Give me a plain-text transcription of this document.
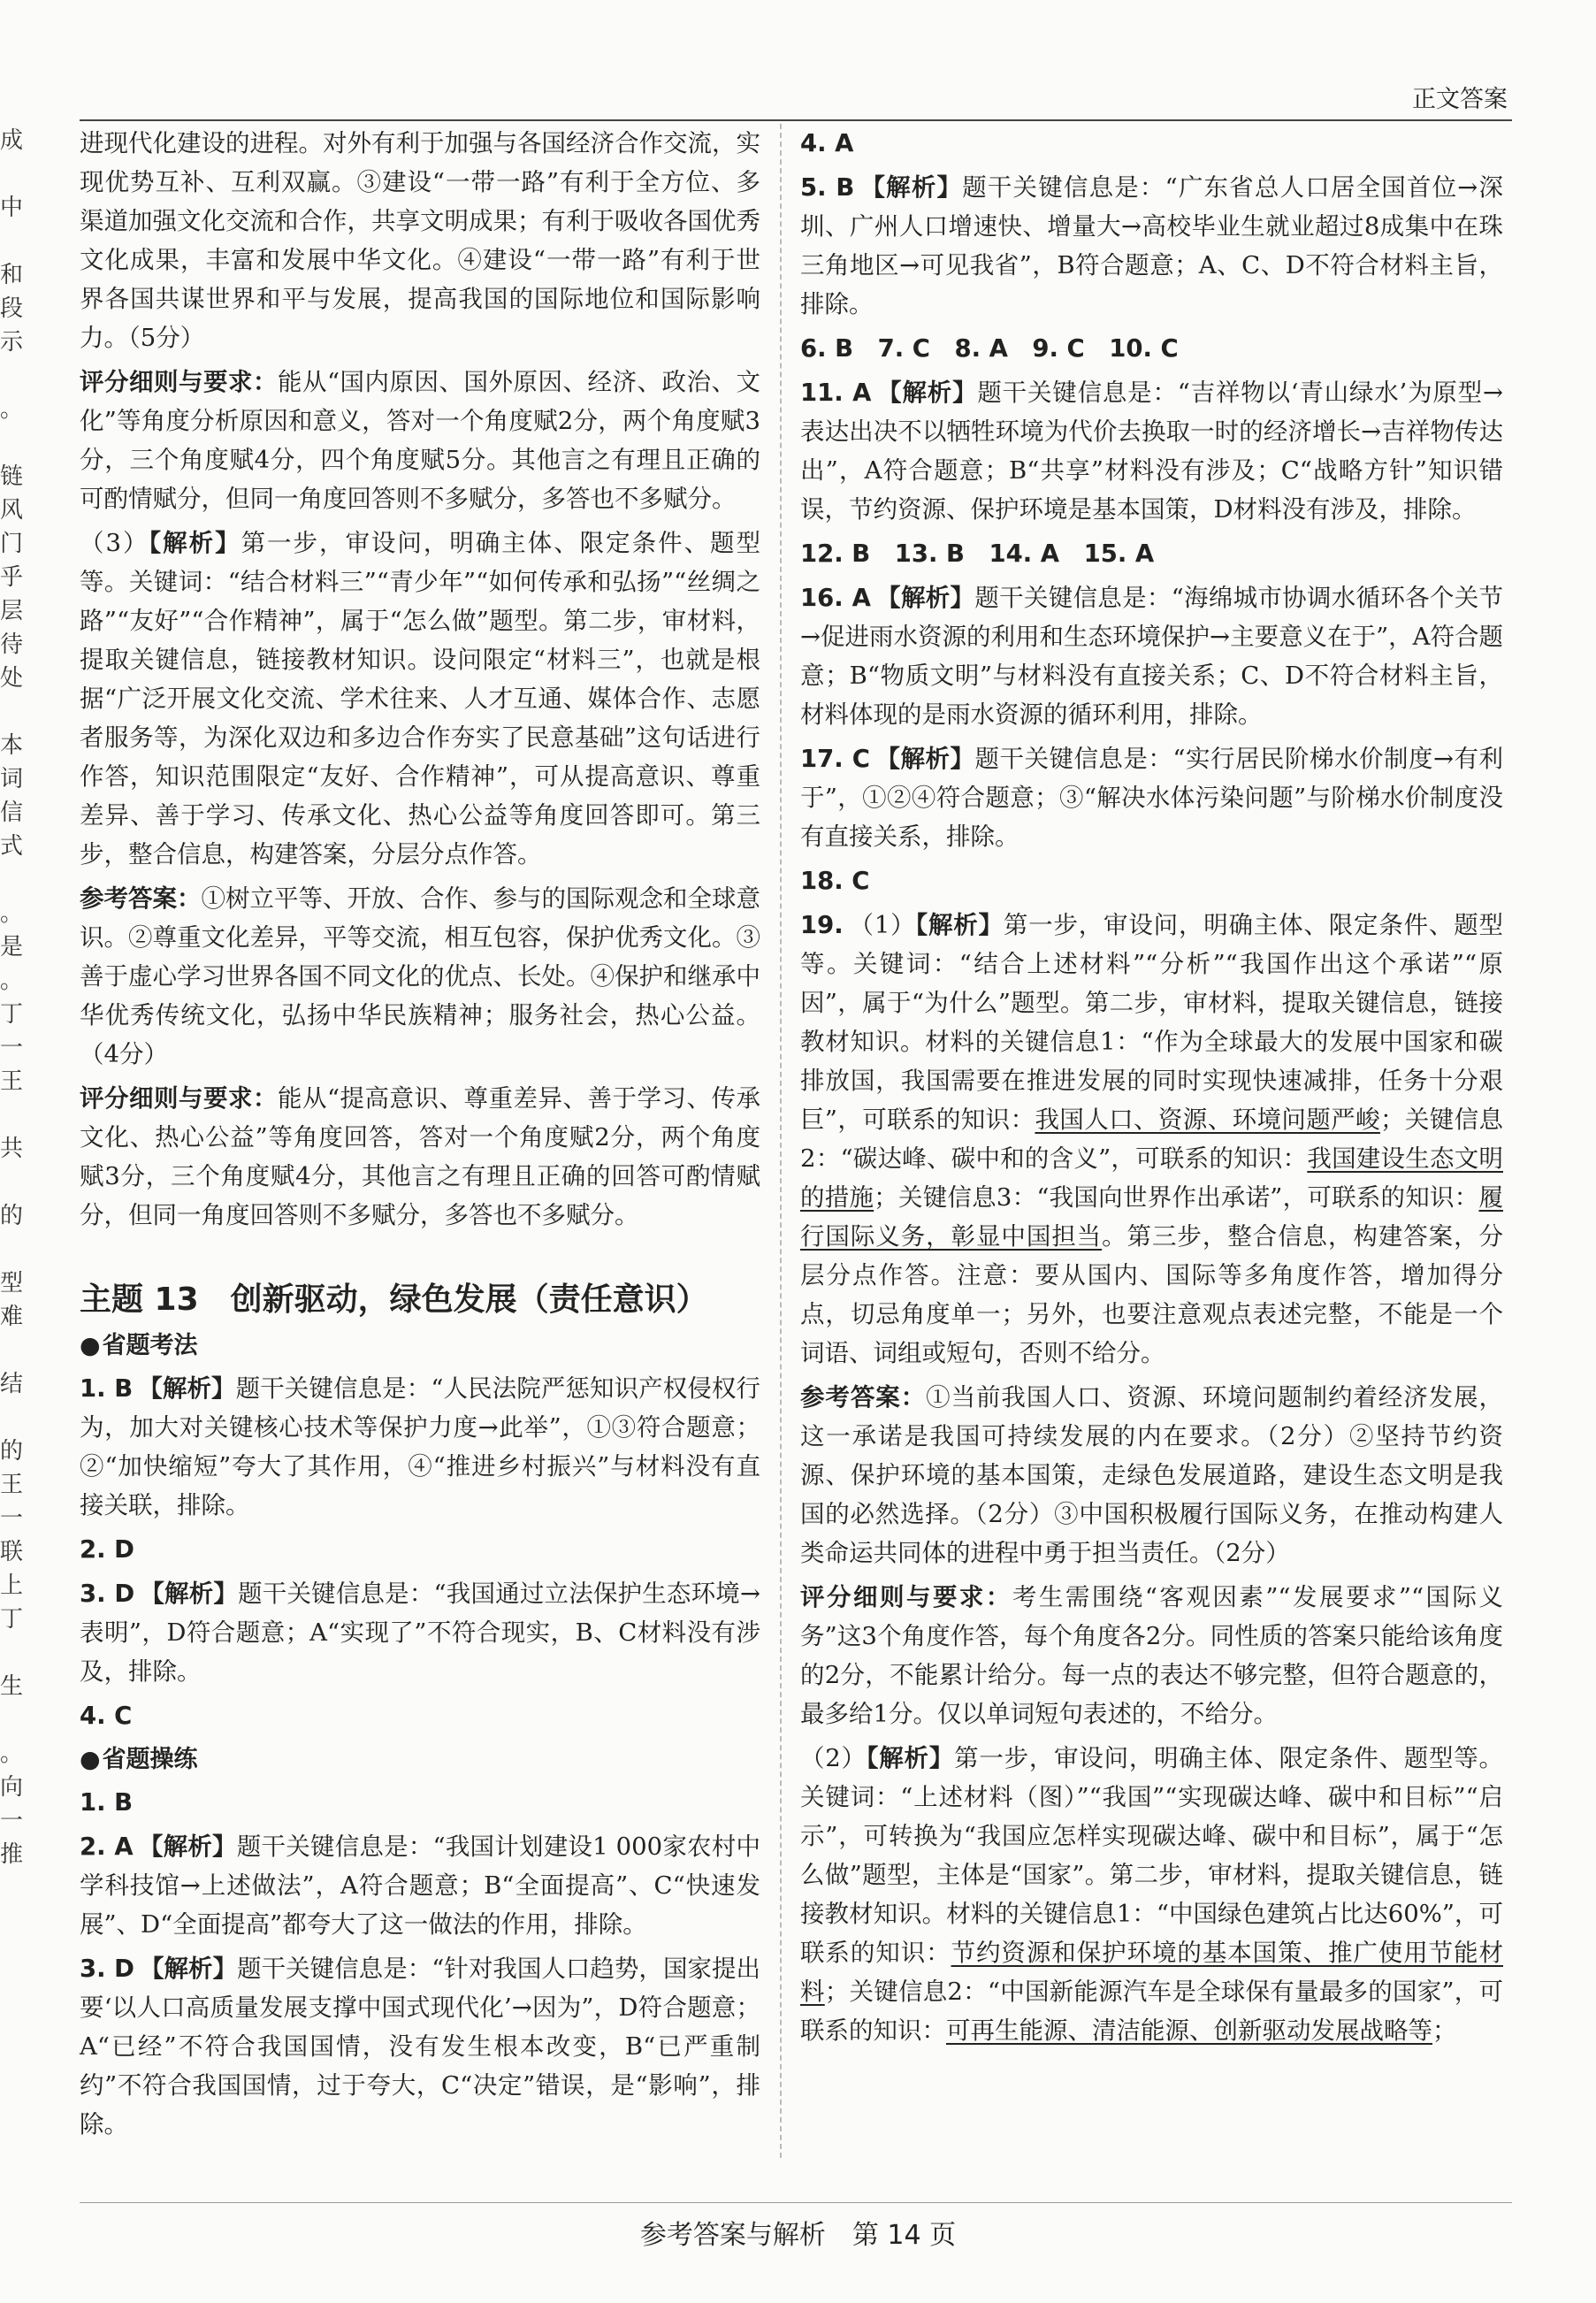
正文答案
成
中
和
段
示
。
链
风
门
乎
层
待
处
本
词
信
式
。
是
。
丁
一
王
共
的
型
难
结
的
王
一
联
上
丁
生
。
向
一
推

进现代化建设的进程。对外有利于加强与各国经济合作交流，实现优势互补、互利双赢。③建设“一带一路”有利于全方位、多渠道加强文化交流和合作，共享文明成果；有利于吸收各国优秀文化成果，丰富和发展中华文化。④建设“一带一路”有利于世界各国共谋世界和平与发展，提高我国的国际地位和国际影响力。（5分）

评分细则与要求：能从“国内原因、国外原因、经济、政治、文化”等角度分析原因和意义，答对一个角度赋2分，两个角度赋3分，三个角度赋4分，四个角度赋5分。其他言之有理且正确的可酌情赋分，但同一角度回答则不多赋分，多答也不多赋分。

（3）【解析】第一步，审设问，明确主体、限定条件、题型等。关键词：“结合材料三”“青少年”“如何传承和弘扬”“丝绸之路”“友好”“合作精神”，属于“怎么做”题型。第二步，审材料，提取关键信息，链接教材知识。设问限定“材料三”，也就是根据“广泛开展文化交流、学术往来、人才互通、媒体合作、志愿者服务等，为深化双边和多边合作夯实了民意基础”这句话进行作答，知识范围限定“友好、合作精神”，可从提高意识、尊重差异、善于学习、传承文化、热心公益等角度回答即可。第三步，整合信息，构建答案，分层分点作答。

参考答案：①树立平等、开放、合作、参与的国际观念和全球意识。②尊重文化差异，平等交流，相互包容，保护优秀文化。③善于虚心学习世界各国不同文化的优点、长处。④保护和继承中华优秀传统文化，弘扬中华民族精神；服务社会，热心公益。（4分）

评分细则与要求：能从“提高意识、尊重差异、善于学习、传承文化、热心公益”等角度回答，答对一个角度赋2分，两个角度赋3分，三个角度赋4分，其他言之有理且正确的回答可酌情赋分，但同一角度回答则不多赋分，多答也不多赋分。

主题 13　创新驱动，绿色发展（责任意识）
● 省题考法

1. B 【解析】题干关键信息是：“人民法院严惩知识产权侵权行为，加大对关键核心技术等保护力度→此举”，①③符合题意；②“加快缩短”夸大了其作用，④“推进乡村振兴”与材料没有直接关联，排除。

2. D

3. D 【解析】题干关键信息是：“我国通过立法保护生态环境→表明”，D符合题意；A“实现了”不符合现实，B、C材料没有涉及，排除。

4. C

● 省题操练

1. B

2. A 【解析】题干关键信息是：“我国计划建设1 000家农村中学科技馆→上述做法”，A符合题意；B“全面提高”、C“快速发展”、D“全面提高”都夸大了这一做法的作用，排除。

3. D 【解析】题干关键信息是：“针对我国人口趋势，国家提出要‘以人口高质量发展支撑中国式现代化’→因为”，D符合题意；A“已经”不符合我国国情，没有发生根本改变，B“已严重制约”不符合我国国情，过于夸大，C“决定”错误，是“影响”，排除。

4. A

5. B 【解析】题干关键信息是：“广东省总人口居全国首位→深圳、广州人口增速快、增量大→高校毕业生就业超过8成集中在珠三角地区→可见我省”，B符合题意；A、C、D不符合材料主旨，排除。

6. B　7. C　8. A　9. C　10. C

11. A 【解析】题干关键信息是：“吉祥物以‘青山绿水’为原型→表达出决不以牺牲环境为代价去换取一时的经济增长→吉祥物传达出”，A符合题意；B“共享”材料没有涉及；C“战略方针”知识错误，节约资源、保护环境是基本国策，D材料没有涉及，排除。

12. B　13. B　14. A　15. A

16. A 【解析】题干关键信息是：“海绵城市协调水循环各个关节→促进雨水资源的利用和生态环境保护→主要意义在于”，A符合题意；B“物质文明”与材料没有直接关系；C、D不符合材料主旨，材料体现的是雨水资源的循环利用，排除。

17. C 【解析】题干关键信息是：“实行居民阶梯水价制度→有利于”，①②④符合题意；③“解决水体污染问题”与阶梯水价制度没有直接关系，排除。

18. C

19. （1）【解析】第一步，审设问，明确主体、限定条件、题型等。关键词：“结合上述材料”“分析”“我国作出这个承诺”“原因”，属于“为什么”题型。第二步，审材料，提取关键信息，链接教材知识。材料的关键信息1：“作为全球最大的发展中国家和碳排放国，我国需要在推进发展的同时实现快速减排，任务十分艰巨”，可联系的知识：我国人口、资源、环境问题严峻；关键信息2：“碳达峰、碳中和的含义”，可联系的知识：我国建设生态文明的措施；关键信息3：“我国向世界作出承诺”，可联系的知识：履行国际义务，彰显中国担当。第三步，整合信息，构建答案，分层分点作答。注意：要从国内、国际等多角度作答，增加得分点，切忌角度单一；另外，也要注意观点表述完整，不能是一个词语、词组或短句，否则不给分。

参考答案：①当前我国人口、资源、环境问题制约着经济发展，这一承诺是我国可持续发展的内在要求。（2分）②坚持节约资源、保护环境的基本国策，走绿色发展道路，建设生态文明是我国的必然选择。（2分）③中国积极履行国际义务，在推动构建人类命运共同体的进程中勇于担当责任。（2分）

评分细则与要求：考生需围绕“客观因素”“发展要求”“国际义务”这3个角度作答，每个角度各2分。同性质的答案只能给该角度的2分，不能累计给分。每一点的表达不够完整，但符合题意的，最多给1分。仅以单词短句表述的，不给分。

（2）【解析】第一步，审设问，明确主体、限定条件、题型等。关键词：“上述材料（图）”“我国”“实现碳达峰、碳中和目标”“启示”，可转换为“我国应怎样实现碳达峰、碳中和目标”，属于“怎么做”题型，主体是“国家”。第二步，审材料，提取关键信息，链接教材知识。材料的关键信息1：“中国绿色建筑占比达60%”，可联系的知识：节约资源和保护环境的基本国策、推广使用节能材料；关键信息2：“中国新能源汽车是全球保有量最多的国家”，可联系的知识：可再生能源、清洁能源、创新驱动发展战略等；

参考答案与解析　 第 14 页
